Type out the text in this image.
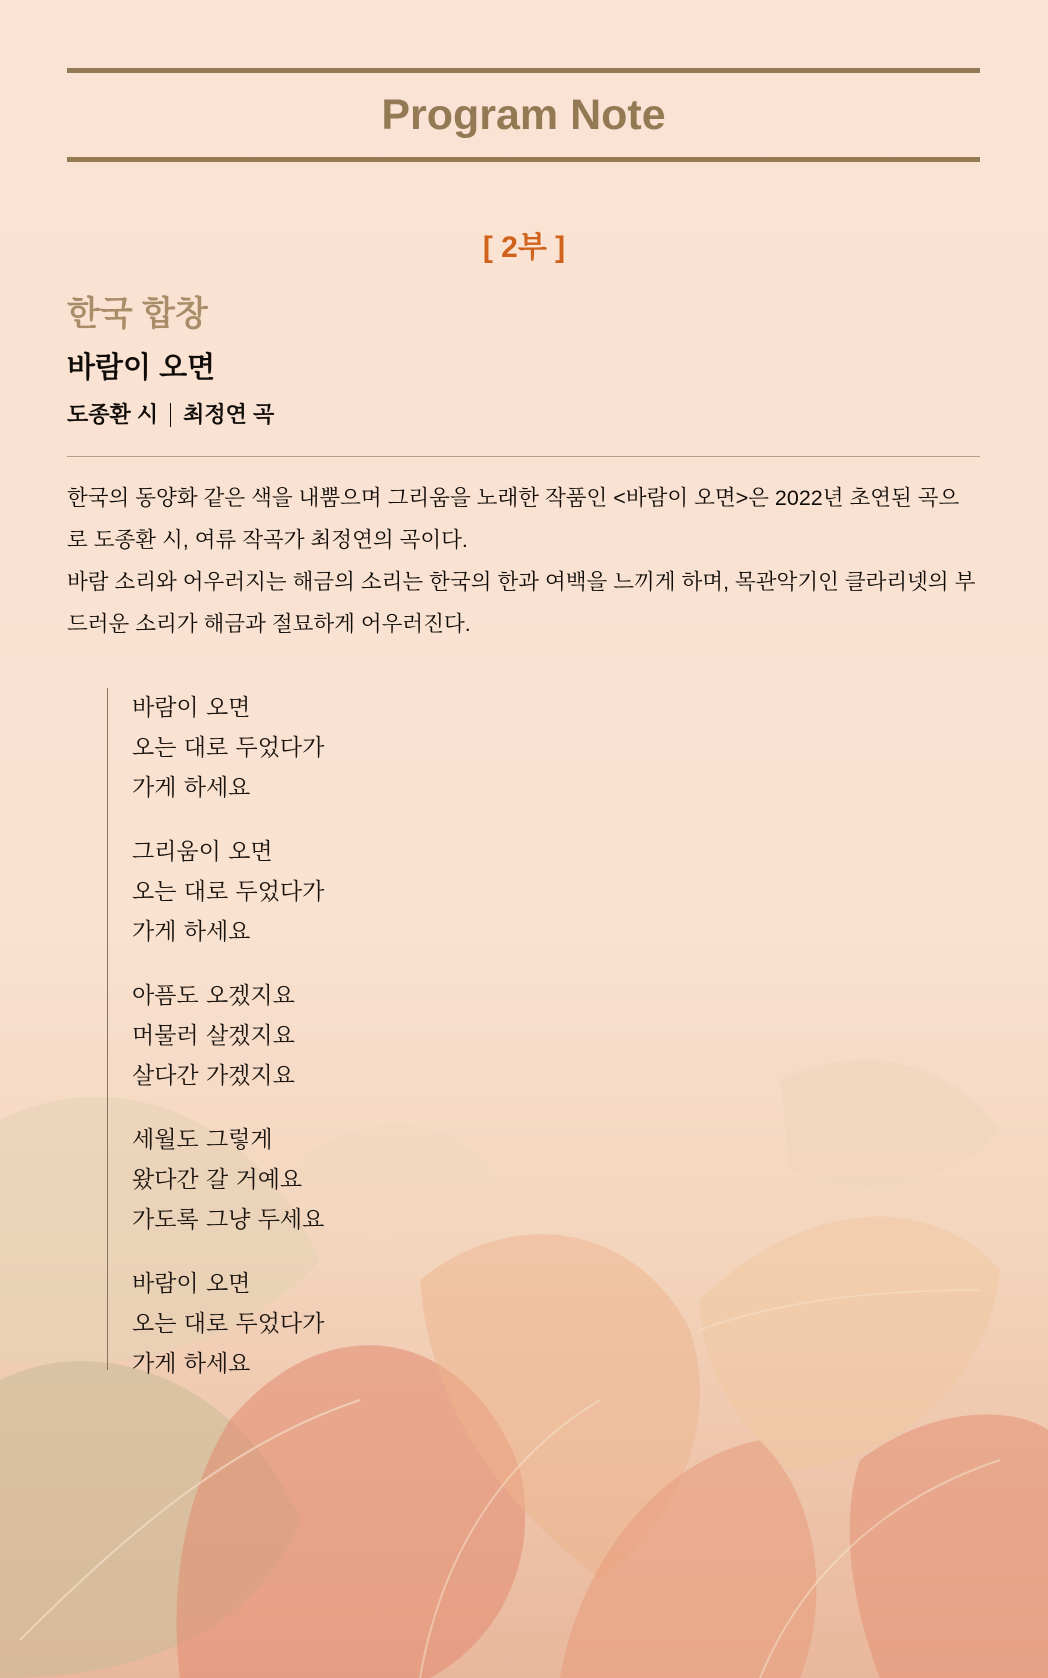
Program Note
[ 2부 ]
한국 합창
바람이 오면
도종환 시 최정연 곡

한국의 동양화 같은 색을 내뿜으며 그리움을 노래한 작품인 <바람이 오면>은 2022년 초연된 곡으로 도종환 시, 여류 작곡가 최정연의 곡이다.

바람 소리와 어우러지는 해금의 소리는 한국의 한과 여백을 느끼게 하며, 목관악기인 클라리넷의 부드러운 소리가 해금과 절묘하게 어우러진다.

바람이 오면
오는 대로 두었다가
가게 하세요
그리움이 오면
오는 대로 두었다가
가게 하세요
아픔도 오겠지요
머물러 살겠지요
살다간 가겠지요
세월도 그렇게
왔다간 갈 거예요
가도록 그냥 두세요
바람이 오면
오는 대로 두었다가
가게 하세요
